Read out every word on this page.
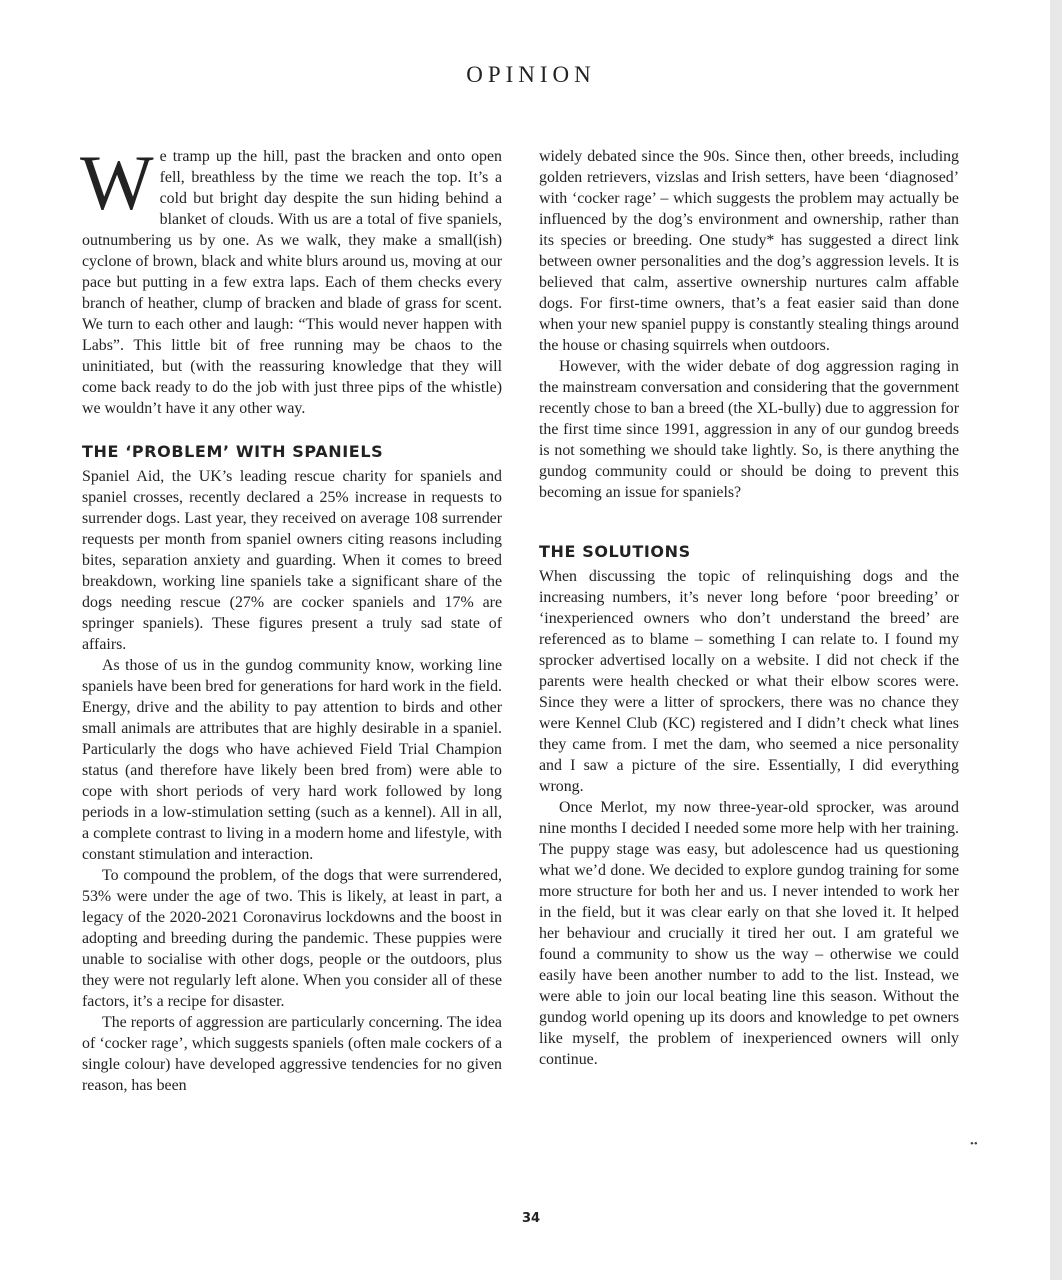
OPINION

We tramp up the hill, past the bracken and onto open fell, breathless by the time we reach the top. It’s a cold but bright day despite the sun hiding behind a blanket of clouds. With us are a total of five spaniels, outnumbering us by one. As we walk, they make a small(ish) cyclone of brown, black and white blurs around us, moving at our pace but putting in a few extra laps. Each of them checks every branch of heather, clump of bracken and blade of grass for scent. We turn to each other and laugh: “This would never happen with Labs”. This little bit of free running may be chaos to the uninitiated, but (with the reassuring knowledge that they will come back ready to do the job with just three pips of the whistle) we wouldn’t have it any other way.

THE ‘PROBLEM’ WITH SPANIELS

Spaniel Aid, the UK’s leading rescue charity for spaniels and spaniel crosses, recently declared a 25% increase in requests to surrender dogs. Last year, they received on average 108 surrender requests per month from spaniel owners citing reasons including bites, separation anxiety and guarding. When it comes to breed breakdown, working line spaniels take a significant share of the dogs needing rescue (27% are cocker spaniels and 17% are springer spaniels). These figures present a truly sad state of affairs.

As those of us in the gundog community know, working line spaniels have been bred for generations for hard work in the field. Energy, drive and the ability to pay attention to birds and other small animals are attributes that are highly desirable in a spaniel. Particularly the dogs who have achieved Field Trial Champion status (and therefore have likely been bred from) were able to cope with short periods of very hard work followed by long periods in a low-stimulation setting (such as a kennel). All in all, a complete contrast to living in a modern home and lifestyle, with constant stimulation and interaction.

To compound the problem, of the dogs that were surrendered, 53% were under the age of two. This is likely, at least in part, a legacy of the 2020-2021 Coronavirus lockdowns and the boost in adopting and breeding during the pandemic. These puppies were unable to socialise with other dogs, people or the outdoors, plus they were not regularly left alone. When you consider all of these factors, it’s a recipe for disaster.

The reports of aggression are particularly concerning. The idea of ‘cocker rage’, which suggests spaniels (often male cockers of a single colour) have developed aggressive tendencies for no given reason, has been

widely debated since the 90s. Since then, other breeds, including golden retrievers, vizslas and Irish setters, have been ‘diagnosed’ with ‘cocker rage’ – which suggests the problem may actually be influenced by the dog’s environment and ownership, rather than its species or breeding. One study* has suggested a direct link between owner personalities and the dog’s aggression levels. It is believed that calm, assertive ownership nurtures calm affable dogs. For first-time owners, that’s a feat easier said than done when your new spaniel puppy is constantly stealing things around the house or chasing squirrels when outdoors.

However, with the wider debate of dog aggression raging in the mainstream conversation and considering that the government recently chose to ban a breed (the XL-bully) due to aggression for the first time since 1991, aggression in any of our gundog breeds is not something we should take lightly. So, is there anything the gundog community could or should be doing to prevent this becoming an issue for spaniels?

THE SOLUTIONS

When discussing the topic of relinquishing dogs and the increasing numbers, it’s never long before ‘poor breeding’ or ‘inexperienced owners who don’t understand the breed’ are referenced as to blame – something I can relate to. I found my sprocker advertised locally on a website. I did not check if the parents were health checked or what their elbow scores were. Since they were a litter of sprockers, there was no chance they were Kennel Club (KC) registered and I didn’t check what lines they came from. I met the dam, who seemed a nice personality and I saw a picture of the sire. Essentially, I did everything wrong.

Once Merlot, my now three-year-old sprocker, was around nine months I decided I needed some more help with her training. The puppy stage was easy, but adolescence had us questioning what we’d done. We decided to explore gundog training for some more structure for both her and us. I never intended to work her in the field, but it was clear early on that she loved it. It helped her behaviour and crucially it tired her out. I am grateful we found a community to show us the way – otherwise we could easily have been another number to add to the list. Instead, we were able to join our local beating line this season. Without the gundog world opening up its doors and knowledge to pet owners like myself, the problem of inexperienced owners will only continue.

••
34
